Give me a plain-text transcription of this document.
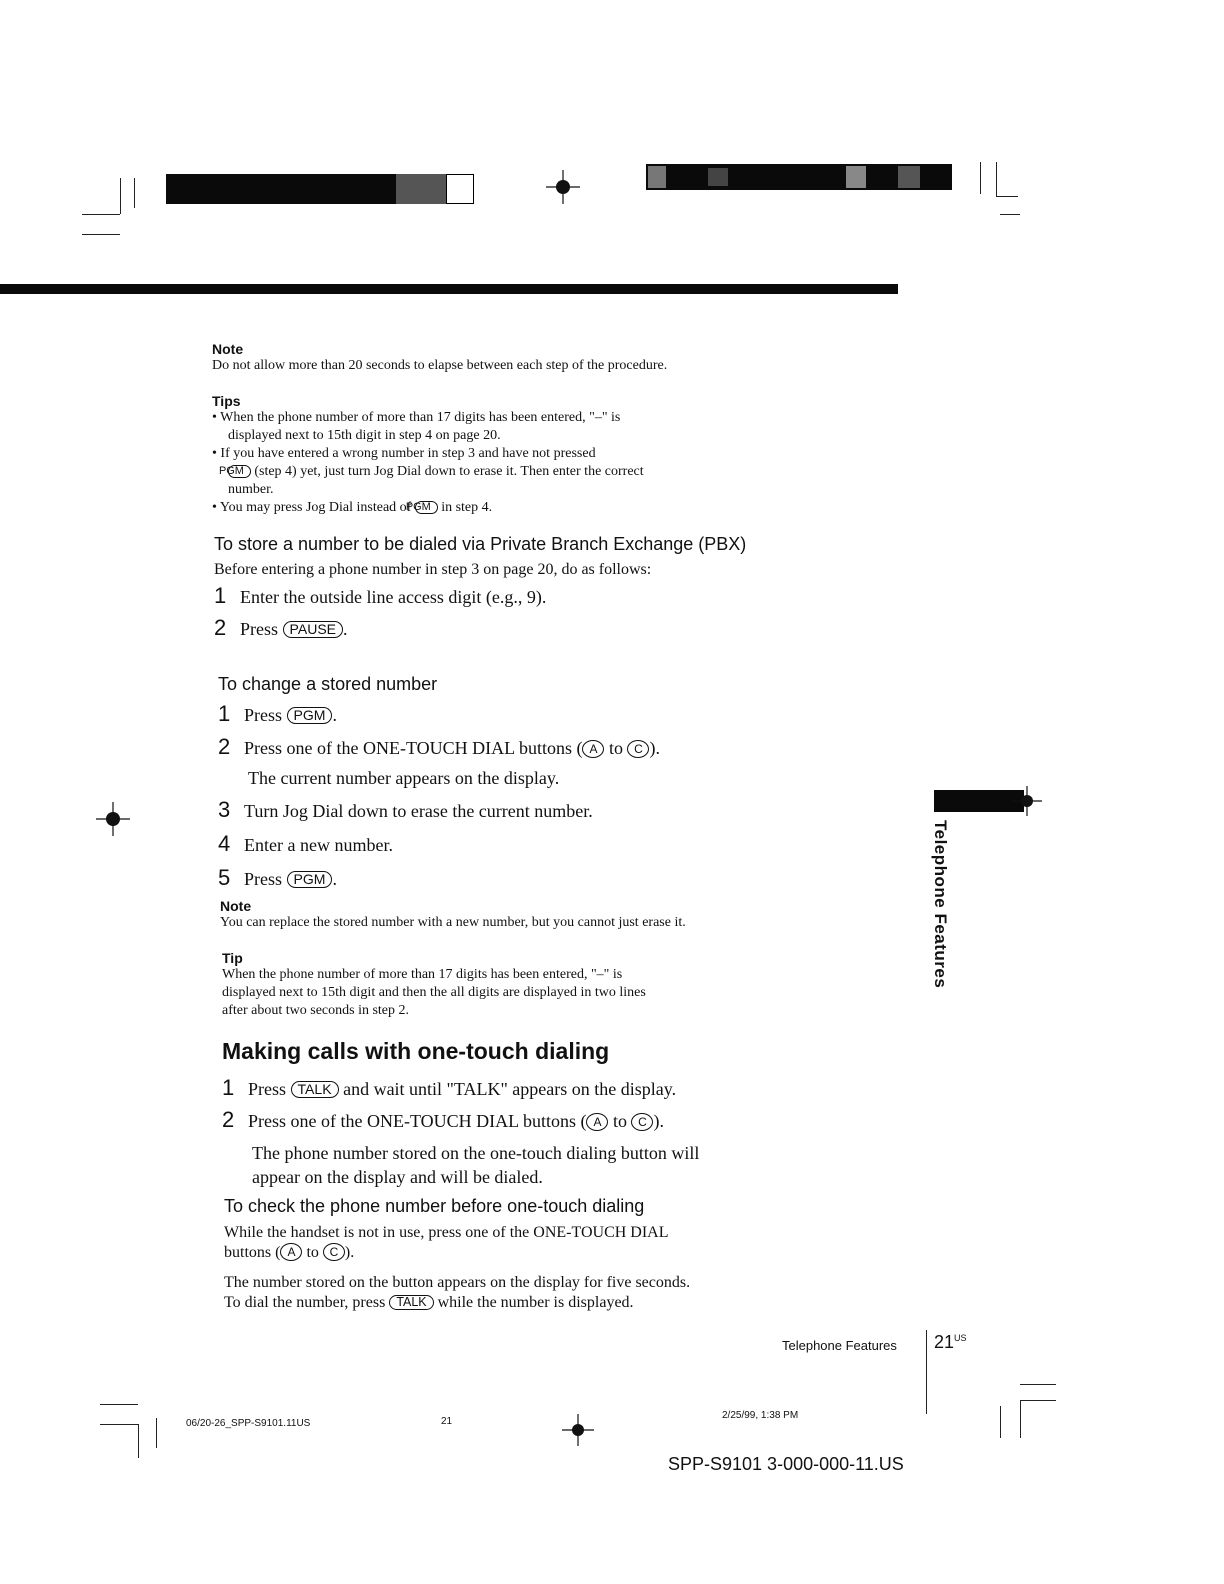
Note
Do not allow more than 20 seconds to elapse between each step of the procedure.
Tips
• When the phone number of more than 17 digits has been entered, "–" is
displayed next to 15th digit in step 4 on page 20.
• If you have entered a wrong number in step 3 and have not pressed
PGM (step 4) yet, just turn Jog Dial down to erase it. Then enter the correct
number.
• You may press Jog Dial instead of PGM in step 4.
To store a number to be dialed via Private Branch Exchange (PBX)
Before entering a phone number in step 3 on page 20, do as follows:
1 Enter the outside line access digit (e.g., 9).
2 Press PAUSE .
To change a stored number
1 Press PGM .
2 Press one of the ONE-TOUCH DIAL buttons ( A to C ).
The current number appears on the display.
3 Turn Jog Dial down to erase the current number.
4 Enter a new number.
5 Press PGM .
Note
You can replace the stored number with a new number, but you cannot just erase it.
Tip
When the phone number of more than 17 digits has been entered, "–" is
displayed next to 15th digit and then the all digits are displayed in two lines
after about two seconds in step 2.
Telephone Features
Making calls with one-touch dialing
1 Press TALK and wait until "TALK" appears on the display.
2 Press one of the ONE-TOUCH DIAL buttons ( A to C ).
The phone number stored on the one-touch dialing button will
appear on the display and will be dialed.
To check the phone number before one-touch dialing
While the handset is not in use, press one of the ONE-TOUCH DIAL
buttons ( A to C ).
The number stored on the button appears on the display for five seconds.
To dial the number, press TALK while the number is displayed.
Telephone Features $21^{US}$
06/20-26_SPP-S9101.11US	21
2/25/99, 1:38 PM
SPP-S9101 3-000-000-11.US
